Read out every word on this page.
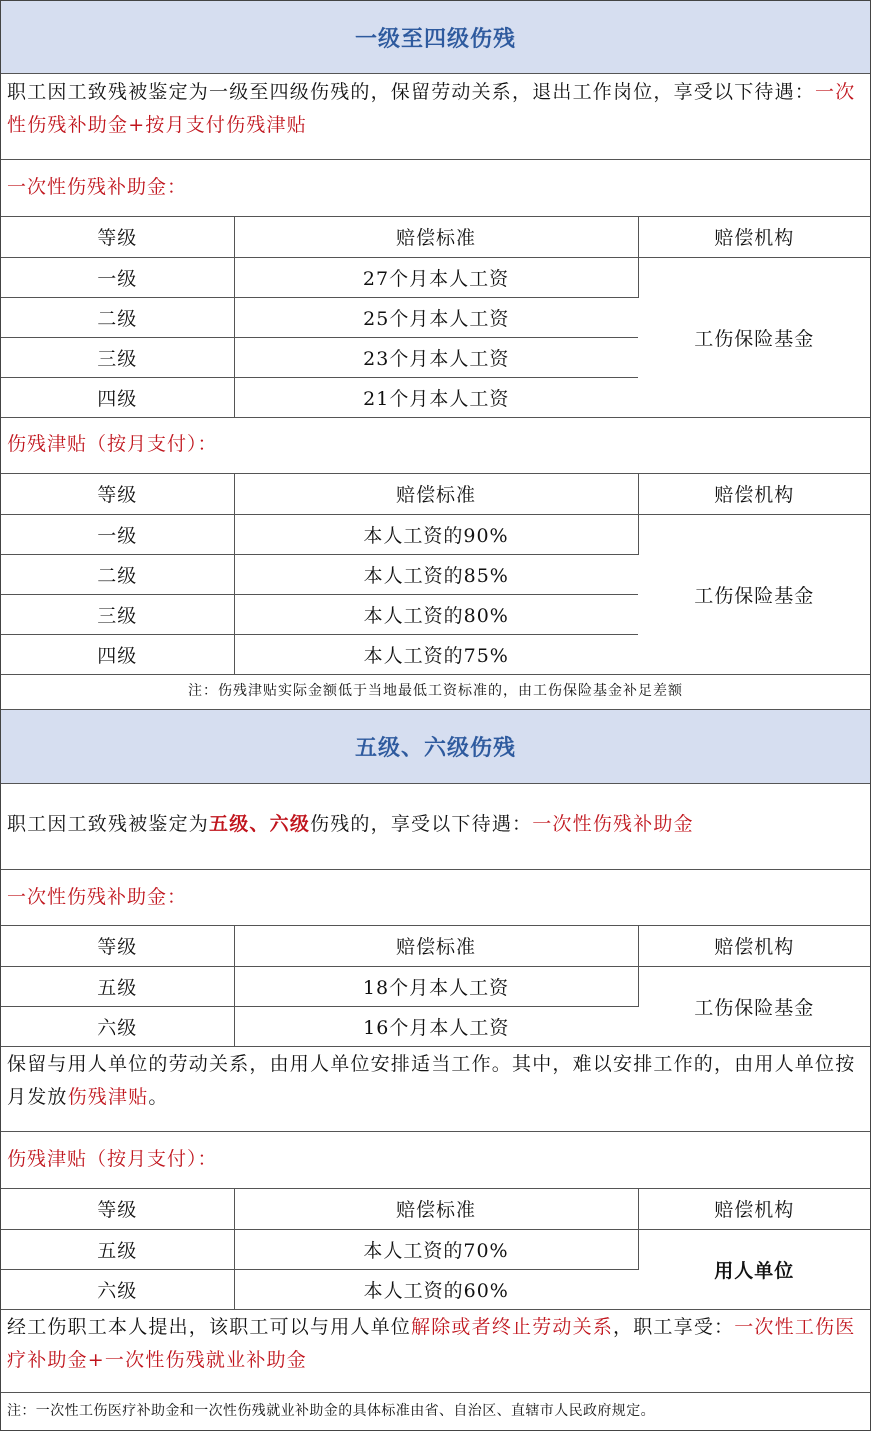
一级至四级伤残
职工因工致残被鉴定为一级至四级伤残的，保留劳动关系，退出工作岗位，享受以下待遇：一次性伤残补助金+按月支付伤残津贴
一次性伤残补助金：
等级	赔偿标准	赔偿机构
一级	27个月本人工资	工伤保险基金
二级	25个月本人工资	
三级	23个月本人工资	
四级	21个月本人工资	
伤残津贴（按月支付）：
等级	赔偿标准	赔偿机构
一级	本人工资的90%	工伤保险基金
二级	本人工资的85%	
三级	本人工资的80%	
四级	本人工资的75%	
注：伤残津贴实际金额低于当地最低工资标准的，由工伤保险基金补足差额
五级、六级伤残
职工因工致残被鉴定为五级、六级伤残的，享受以下待遇：一次性伤残补助金
一次性伤残补助金：
等级	赔偿标准	赔偿机构
五级	18个月本人工资	工伤保险基金
六级	16个月本人工资	
保留与用人单位的劳动关系，由用人单位安排适当工作。其中，难以安排工作的，由用人单位按月发放伤残津贴。
伤残津贴（按月支付）：
等级	赔偿标准	赔偿机构
五级	本人工资的70%	用人单位
六级	本人工资的60%	
经工伤职工本人提出，该职工可以与用人单位解除或者终止劳动关系，职工享受：一次性工伤医疗补助金+一次性伤残就业补助金
注：一次性工伤医疗补助金和一次性伤残就业补助金的具体标准由省、自治区、直辖市人民政府规定。
